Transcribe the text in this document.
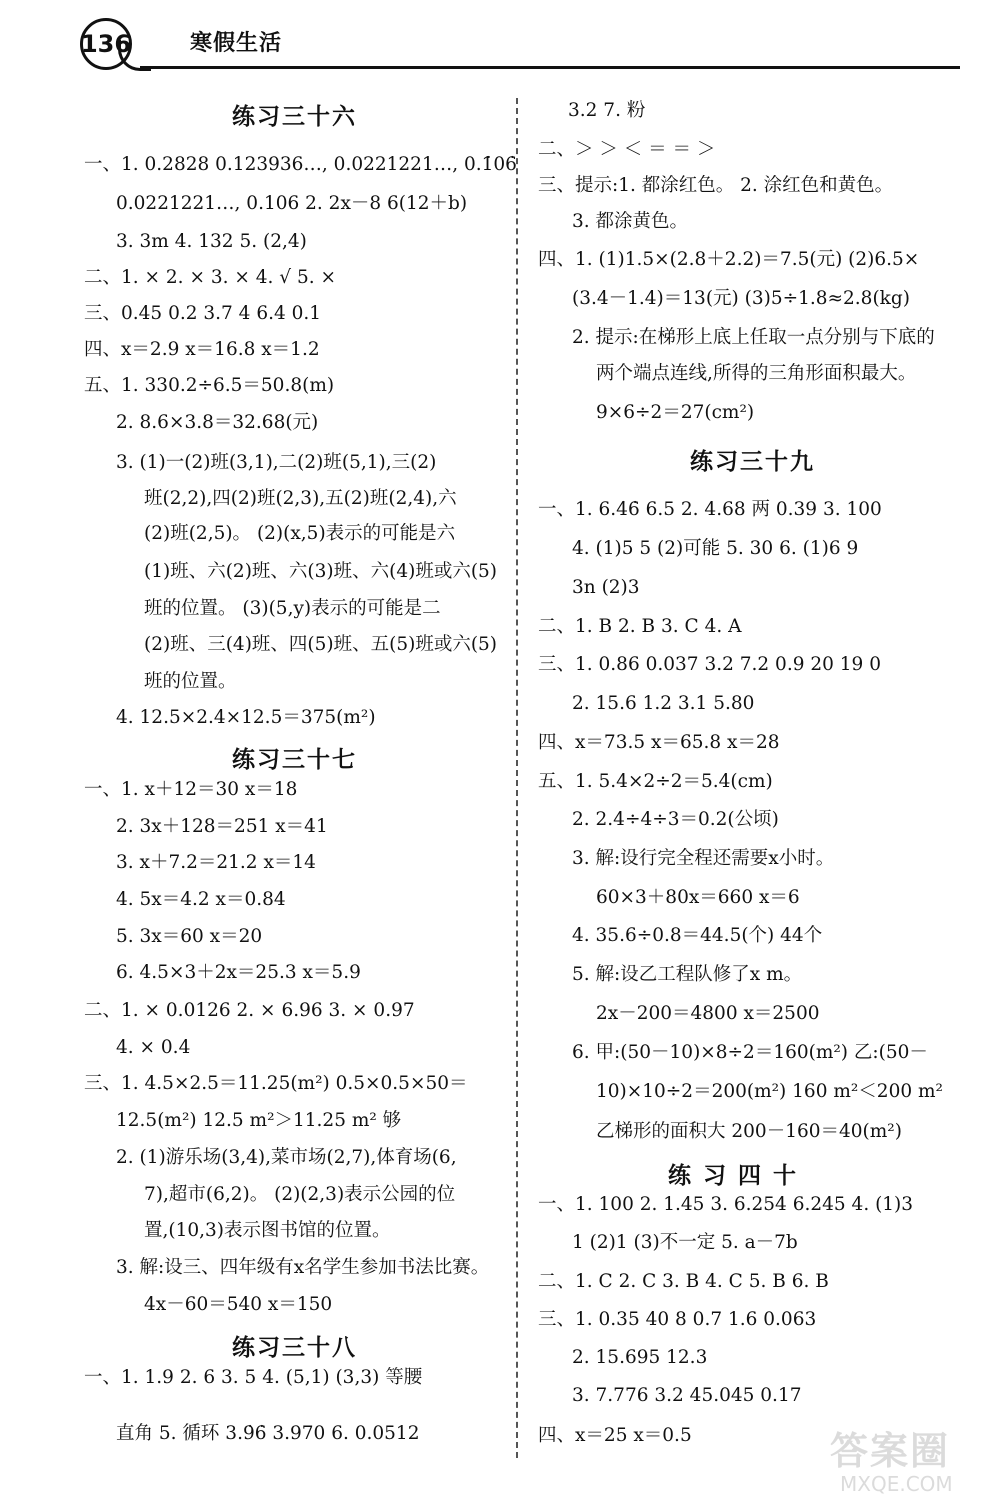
136	寒假生活
练习三十六
一、1. 0.2828 0.123936…, 0.0221221…, 0.1̇06̇
0.0221221…, 0.106 2. 2x－8 6(12＋b)
3. 3m 4. 132 5. (2,4)
二、1. × 2. × 3. × 4. √ 5. ×
三、0.45 0.2 3.7 4 6.4 0.1
四、x＝2.9 x＝16.8 x＝1.2
五、1. 330.2÷6.5＝50.8(m)
2. 8.6×3.8＝32.68(元)
3. (1)一(2)班(3,1),二(2)班(5,1),三(2)
班(2,2),四(2)班(2,3),五(2)班(2,4),六
(2)班(2,5)。 (2)(x,5)表示的可能是六
(1)班、六(2)班、六(3)班、六(4)班或六(5)
班的位置。 (3)(5,y)表示的可能是二
(2)班、三(4)班、四(5)班、五(5)班或六(5)
班的位置。
4. 12.5×2.4×12.5＝375(m²)
练习三十七
一、1. x＋12＝30 x＝18
2. 3x＋128＝251 x＝41
3. x＋7.2＝21.2 x＝14
4. 5x＝4.2 x＝0.84
5. 3x＝60 x＝20
6. 4.5×3＋2x＝25.3 x＝5.9
二、1. × 0.0126 2. × 6.96 3. × 0.97
4. × 0.4
三、1. 4.5×2.5＝11.25(m²) 0.5×0.5×50＝
12.5(m²) 12.5 m²＞11.25 m² 够
2. (1)游乐场(3,4),菜市场(2,7),体育场(6,
7),超市(6,2)。 (2)(2,3)表示公园的位
置,(10,3)表示图书馆的位置。
3. 解:设三、四年级有x名学生参加书法比赛。
4x－60＝540 x＝150
练习三十八
一、1. 1.9 2. 6 3. 5 4. (5,1) (3,3) 等腰
直角 5. 循环 3.9̇6̇ 3.970 6. 0.0512
3.2 7. 粉
二、＞ ＞ ＜ ＝ ＝ ＞
三、提示:1. 都涂红色。 2. 涂红色和黄色。
3. 都涂黄色。
四、1. (1)1.5×(2.8＋2.2)＝7.5(元) (2)6.5×
(3.4－1.4)＝13(元) (3)5÷1.8≈2.8(kg)
2. 提示:在梯形上底上任取一点分别与下底的
两个端点连线,所得的三角形面积最大。
9×6÷2＝27(cm²)
练习三十九
一、1. 6.4̇6̇ 6.5 2. 4.68 两 0.39 3. 100
4. (1)5 5 (2)可能 5. 30 6. (1)6 9
3n (2)3
二、1. B 2. B 3. C 4. A
三、1. 0.86 0.037 3.2 7.2 0.9 20 19 0
2. 15.6 1.2 3.1 5.80
四、x＝73.5 x＝65.8 x＝28
五、1. 5.4×2÷2＝5.4(cm)
2. 2.4÷4÷3＝0.2(公顷)
3. 解:设行完全程还需要x小时。
60×3＋80x＝660 x＝6
4. 35.6÷0.8＝44.5(个) 44个
5. 解:设乙工程队修了x m。
2x－200＝4800 x＝2500
6. 甲:(50－10)×8÷2＝160(m²) 乙:(50－
10)×10÷2＝200(m²) 160 m²＜200 m²
乙梯形的面积大 200－160＝40(m²)
练 习 四 十
一、1. 100 2. 1.45 3. 6.254 6.245 4. (1)3
1 (2)1 (3)不一定 5. a－7b
二、1. C 2. C 3. B 4. C 5. B 6. B
三、1. 0.35 40 8 0.7 1.6 0.063
2. 15.695 12.3
3. 7.776 3.2 45.045 0.17
四、x＝25 x＝0.5	答案圈
MXQE.COM
